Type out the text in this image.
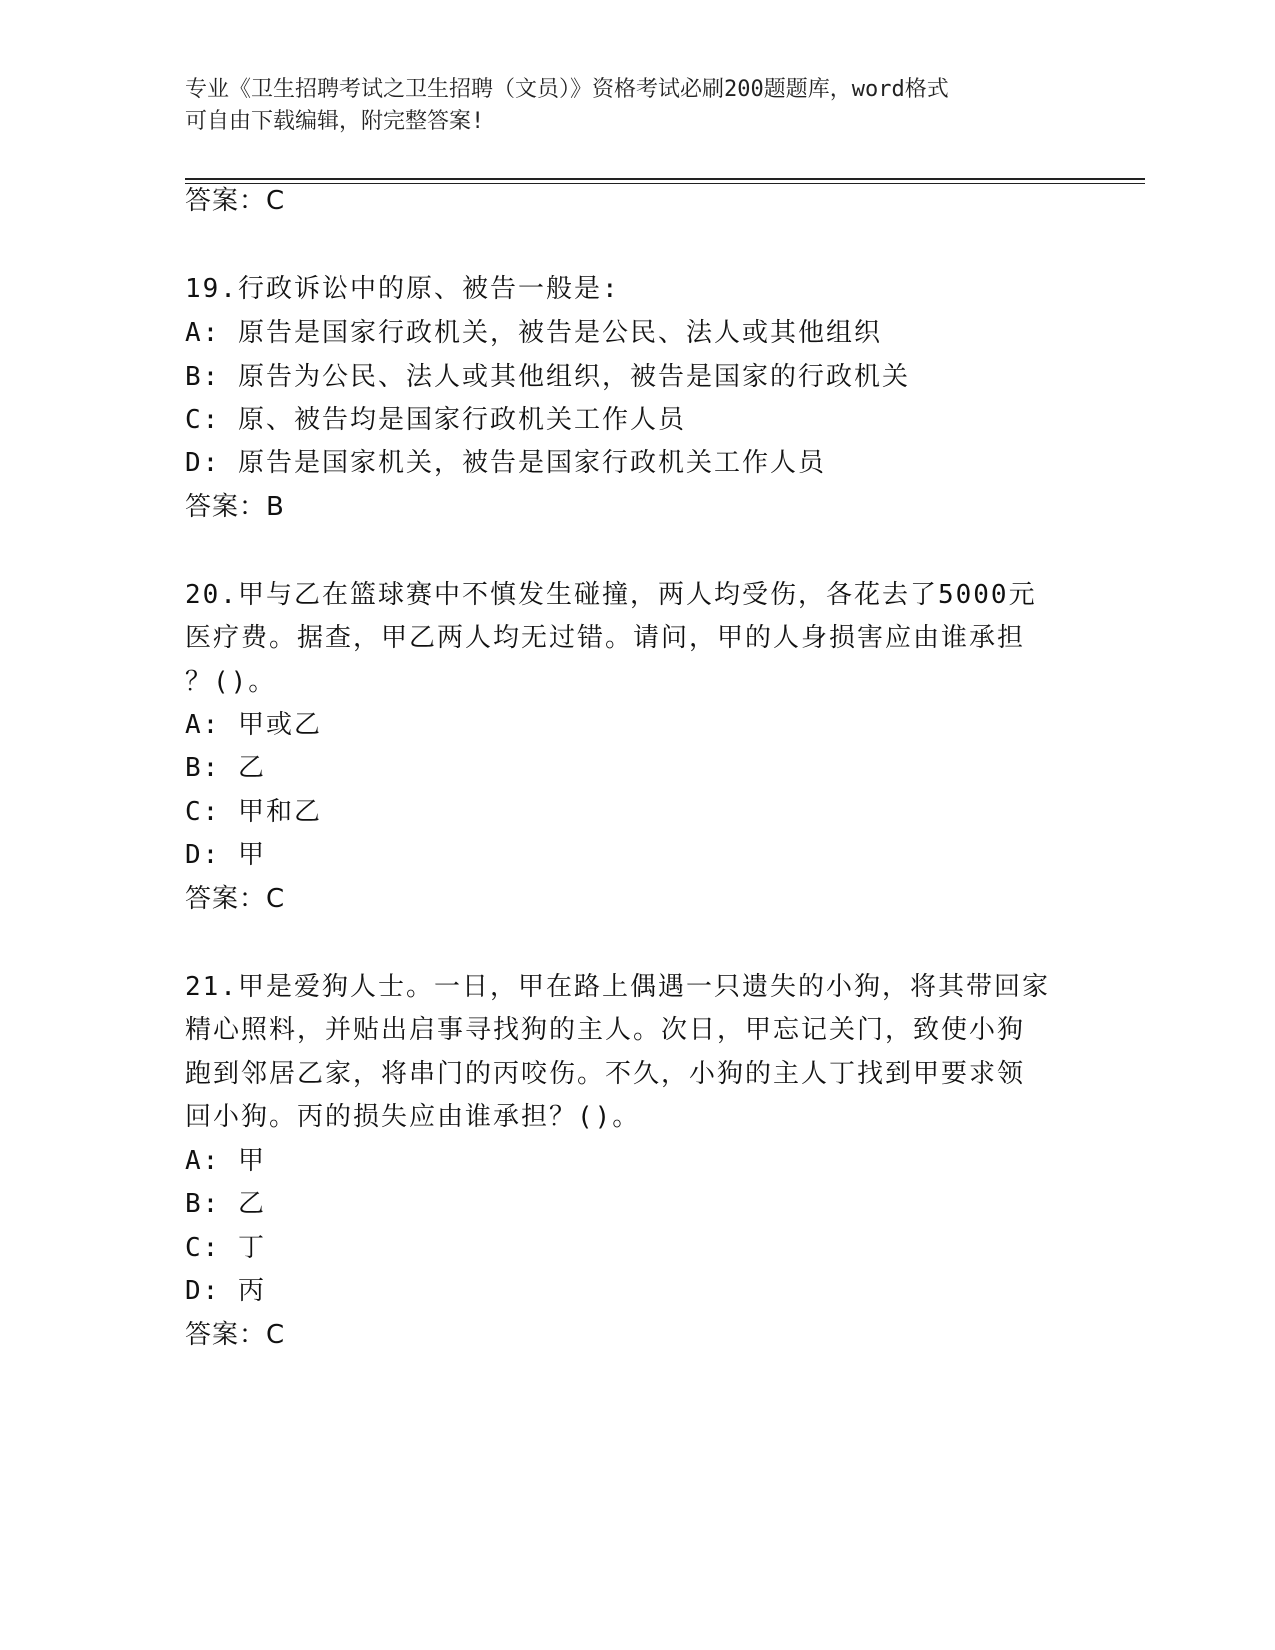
专业《卫生招聘考试之卫生招聘（文员）》资格考试必刷200题题库，word格式
可自由下载编辑，附完整答案!
答案：C
19.行政诉讼中的原、被告一般是:
A: 原告是国家行政机关，被告是公民、法人或其他组织
B: 原告为公民、法人或其他组织，被告是国家的行政机关
C: 原、被告均是国家行政机关工作人员
D: 原告是国家机关，被告是国家行政机关工作人员
答案：B
20.甲与乙在篮球赛中不慎发生碰撞，两人均受伤，各花去了5000元
医疗费。据查，甲乙两人均无过错。请问，甲的人身损害应由谁承担
？()。
A: 甲或乙
B: 乙
C: 甲和乙
D: 甲
答案：C
21.甲是爱狗人士。一日，甲在路上偶遇一只遗失的小狗，将其带回家
精心照料，并贴出启事寻找狗的主人。次日，甲忘记关门，致使小狗
跑到邻居乙家，将串门的丙咬伤。不久，小狗的主人丁找到甲要求领
回小狗。丙的损失应由谁承担？()。
A: 甲
B: 乙
C: 丁
D: 丙
答案：C
